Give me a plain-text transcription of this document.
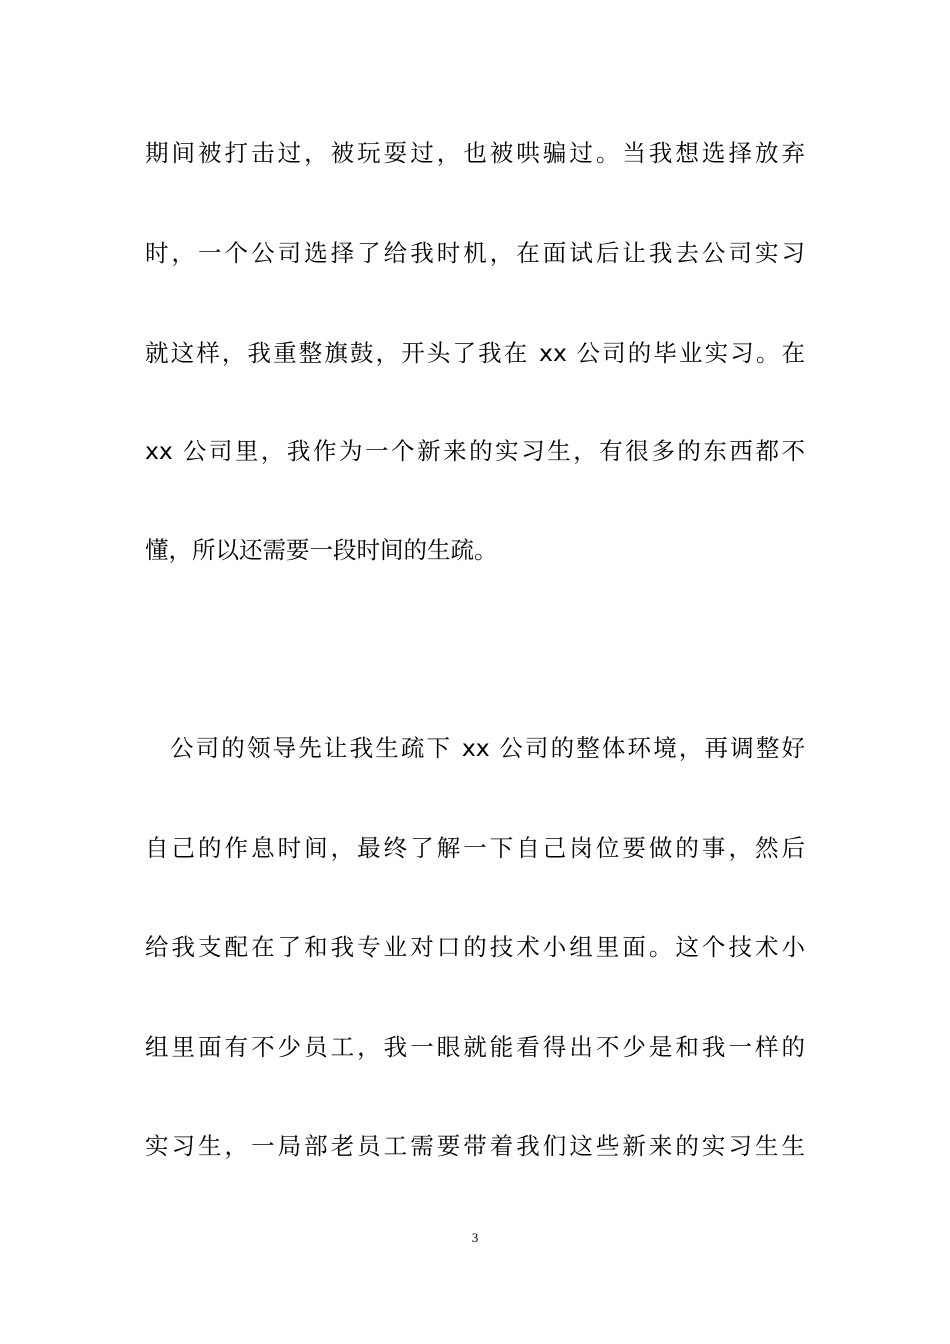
期间被打击过，被玩耍过，也被哄骗过。当我想选择放弃
时，一个公司选择了给我时机，在面试后让我去公司实习
就这样，我重整旗鼓，开头了我在 xx 公司的毕业实习。在
xx 公司里，我作为一个新来的实习生，有很多的东西都不
懂，所以还需要一段时间的生疏。
公司的领导先让我生疏下 xx 公司的整体环境，再调整好
自己的作息时间，最终了解一下自己岗位要做的事，然后
给我支配在了和我专业对口的技术小组里面。这个技术小
组里面有不少员工，我一眼就能看得出不少是和我一样的
实习生，一局部老员工需要带着我们这些新来的实习生生
3
